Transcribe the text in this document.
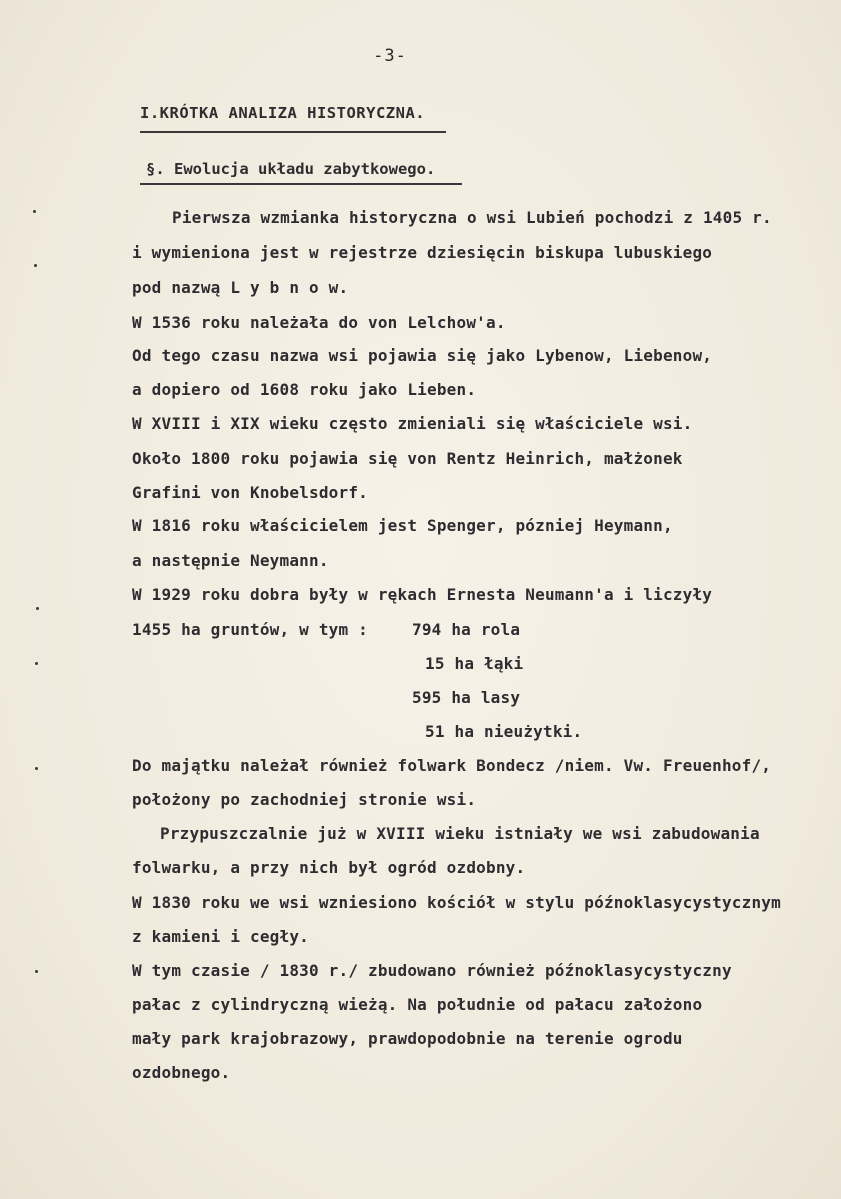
-3-
I.KRÓTKA ANALIZA HISTORYCZNA.
§. Ewolucja układu zabytkowego.
Pierwsza wzmianka historyczna o wsi Lubień pochodzi z 1405 r.
i wymieniona jest w rejestrze dziesięcin biskupa lubuskiego
pod nazwą L y b n o w.
W 1536 roku należała do von Lelchow'a.
Od tego czasu nazwa wsi pojawia się jako Lybenow, Liebenow,
a dopiero od 1608 roku jako Lieben.
W XVIII i XIX wieku często zmieniali się właściciele wsi.
Około 1800 roku pojawia się von Rentz Heinrich, małżonek
Grafini von Knobelsdorf.
W 1816 roku właścicielem jest Spenger, pózniej Heymann,
a następnie Neymann.
W 1929 roku dobra były w rękach Ernesta Neumann'a i liczyły
1455 ha gruntów, w tym :	794 ha rola
15 ha łąki
595 ha lasy
51 ha nieużytki.
Do majątku należał również folwark Bondecz /niem. Vw. Freuenhof/,
położony po zachodniej stronie wsi.
Przypuszczalnie już w XVIII wieku istniały we wsi zabudowania
folwarku, a przy nich był ogród ozdobny.
W 1830 roku we wsi wzniesiono kościół w stylu późnoklasycystycznym
z kamieni i cegły.
W tym czasie / 1830 r./ zbudowano również późnoklasycystyczny
pałac z cylindryczną wieżą. Na południe od pałacu założono
mały park krajobrazowy, prawdopodobnie na terenie ogrodu
ozdobnego.
